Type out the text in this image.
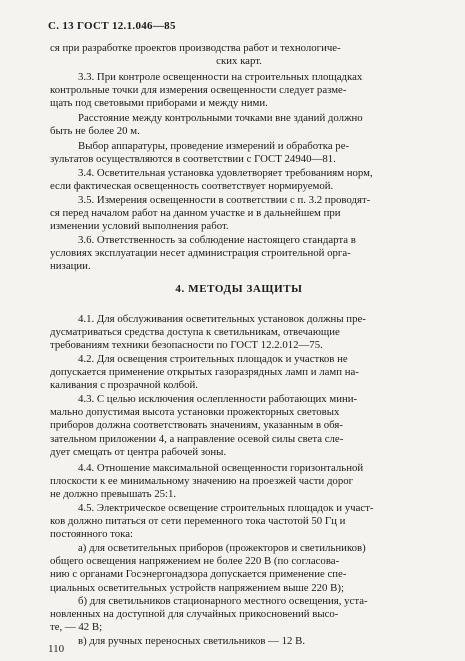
С. 13 ГОСТ 12.1.046—85

ся при разработке проектов производства работ и технологиче-

ских карт.

3.3. При контроле освещенности на строительных площадках

контрольные точки для измерения освещенности следует разме-

щать под световыми приборами и между ними.

Расстояние между контрольными точками вне зданий должно

быть не более 20 м.

Выбор аппаратуры, проведение измерений и обработка ре-

зультатов осуществляются в соответствии с ГОСТ 24940—81.

3.4. Осветительная установка удовлетворяет требованиям норм,

если фактическая освещенность соответствует нормируемой.

3.5. Измерения освещенности в соответствии с п. 3.2 проводят-

ся перед началом работ на данном участке и в дальнейшем при

изменении условий выполнения работ.

3.6. Ответственность за соблюдение настоящего стандарта в

условиях эксплуатации несет администрация строительной орга-

низации.

4. МЕТОДЫ ЗАЩИТЫ

4.1. Для обслуживания осветительных установок должны пре-

дусматриваться средства доступа к светильникам, отвечающие

требованиям техники безопасности по ГОСТ 12.2.012—75.

4.2. Для освещения строительных площадок и участков не

допускается применение открытых газоразрядных ламп и ламп на-

каливания с прозрачной колбой.

4.3. С целью исключения ослепленности работающих мини-

мально допустимая высота установки прожекторных световых

приборов должна соответствовать значениям, указанным в обя-

зательном приложении 4, а направление осевой силы света сле-

дует смещать от центра рабочей зоны.

4.4. Отношение максимальной освещенности горизонтальной

плоскости к ее минимальному значению на проезжей части дорог

не должно превышать 25:1.

4.5. Электрическое освещение строительных площадок и участ-

ков должно питаться от сети переменного тока частотой 50 Гц и

постоянного тока:

а) для осветительных приборов (прожекторов и светильников)

общего освещения напряжением не более 220 В (по согласова-

нию с органами Госэнергонадзора допускается применение спе-

циальных осветительных устройств напряжением выше 220 В);

б) для светильников стационарного местного освещения, уста-

новленных на доступной для случайных прикосновений высо-

те, — 42 В;

в) для ручных переносных светильников — 12 В.

110
